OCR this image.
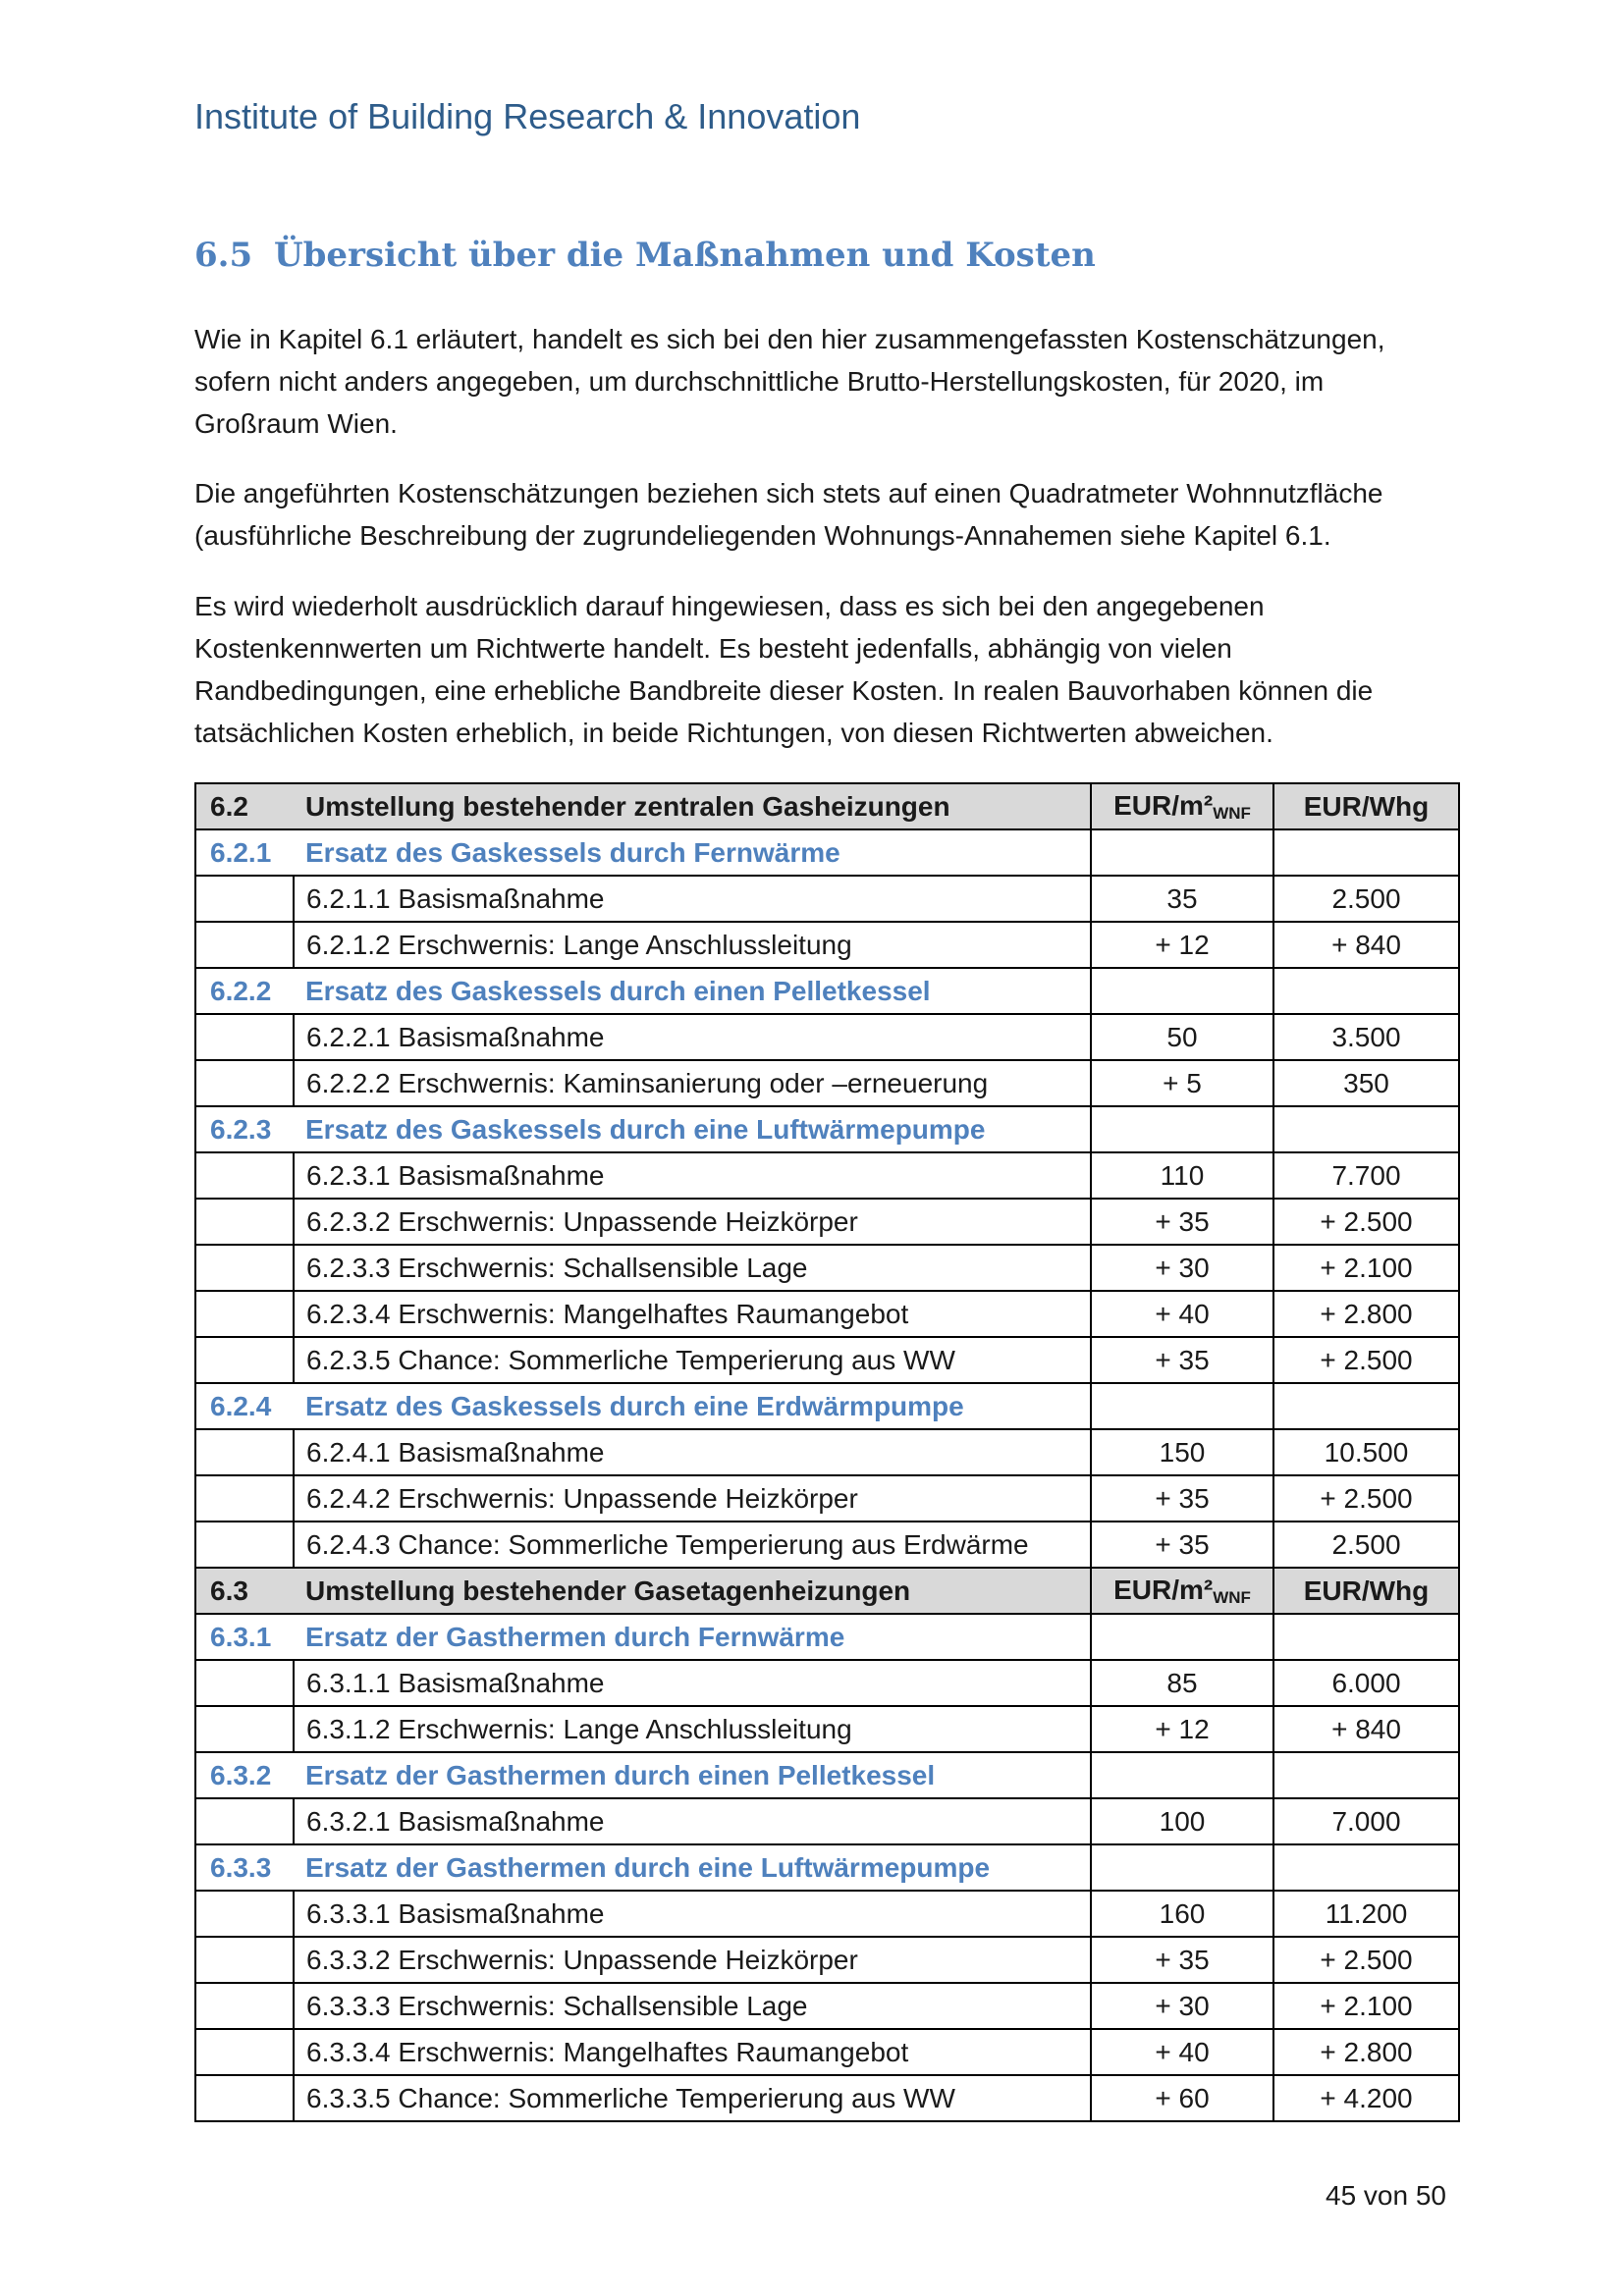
Institute of Building Research & Innovation
6.5 Übersicht über die Maßnahmen und Kosten
Wie in Kapitel 6.1 erläutert, handelt es sich bei den hier zusammengefassten Kostenschätzungen,
sofern nicht anders angegeben, um durchschnittliche Brutto-Herstellungskosten, für 2020, im
Großraum Wien.
Die angeführten Kostenschätzungen beziehen sich stets auf einen Quadratmeter Wohnnutzfläche
(ausführliche Beschreibung der zugrundeliegenden Wohnungs-Annahemen siehe Kapitel 6.1.
Es wird wiederholt ausdrücklich darauf hingewiesen, dass es sich bei den angegebenen
Kostenkennwerten um Richtwerte handelt. Es besteht jedenfalls, abhängig von vielen
Randbedingungen, eine erhebliche Bandbreite dieser Kosten. In realen Bauvorhaben können die
tatsächlichen Kosten erheblich, in beide Richtungen, von diesen Richtwerten abweichen.
6.2	Umstellung bestehender zentralen Gasheizungen	EUR/$m^2_{WNF}$	EUR/Whg
6.2.1	Ersatz des Gaskessels durch Fernwärme		
	6.2.1.1 Basismaßnahme	35	2.500
	6.2.1.2 Erschwernis: Lange Anschlussleitung	+ 12	+ 840
6.2.2	Ersatz des Gaskessels durch einen Pelletkessel		
	6.2.2.1 Basismaßnahme	50	3.500
	6.2.2.2 Erschwernis: Kaminsanierung oder –erneuerung	+ 5	350
6.2.3	Ersatz des Gaskessels durch eine Luftwärmepumpe		
	6.2.3.1 Basismaßnahme	110	7.700
	6.2.3.2 Erschwernis: Unpassende Heizkörper	+ 35	+ 2.500
	6.2.3.3 Erschwernis: Schallsensible Lage	+ 30	+ 2.100
	6.2.3.4 Erschwernis: Mangelhaftes Raumangebot	+ 40	+ 2.800
	6.2.3.5 Chance: Sommerliche Temperierung aus WW	+ 35	+ 2.500
6.2.4	Ersatz des Gaskessels durch eine Erdwärmpumpe		
	6.2.4.1 Basismaßnahme	150	10.500
	6.2.4.2 Erschwernis: Unpassende Heizkörper	+ 35	+ 2.500
	6.2.4.3 Chance: Sommerliche Temperierung aus Erdwärme	+ 35	2.500
6.3	Umstellung bestehender Gasetagenheizungen	EUR/$m^2_{WNF}$	EUR/Whg
6.3.1	Ersatz der Gasthermen durch Fernwärme		
	6.3.1.1 Basismaßnahme	85	6.000
	6.3.1.2 Erschwernis: Lange Anschlussleitung	+ 12	+ 840
6.3.2	Ersatz der Gasthermen durch einen Pelletkessel		
	6.3.2.1 Basismaßnahme	100	7.000
6.3.3	Ersatz der Gasthermen durch eine Luftwärmepumpe		
	6.3.3.1 Basismaßnahme	160	11.200
	6.3.3.2 Erschwernis: Unpassende Heizkörper	+ 35	+ 2.500
	6.3.3.3 Erschwernis: Schallsensible Lage	+ 30	+ 2.100
	6.3.3.4 Erschwernis: Mangelhaftes Raumangebot	+ 40	+ 2.800
	6.3.3.5 Chance: Sommerliche Temperierung aus WW	+ 60	+ 4.200
45 von 50
